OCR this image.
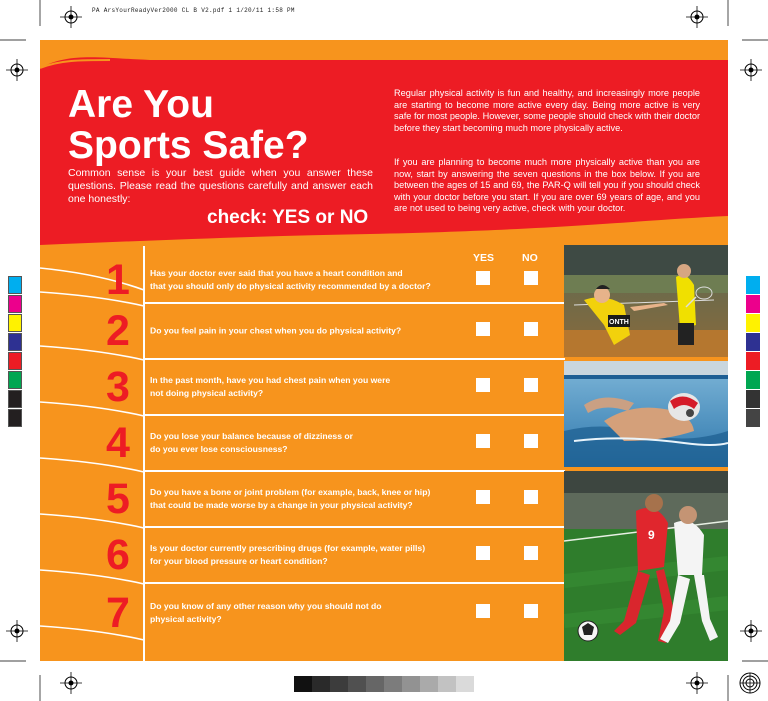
PA ArsYourReadyVer2000 CL B V2.pdf 1 1/20/11 1:58 PM
Are You
Sports Safe?
Common sense is your best guide when you answer these questions. Please read the questions carefully and answer each one honestly:
check: YES or NO
Regular physical activity is fun and healthy, and increasingly more people are starting to become more active every day. Being more active is very safe for most people. However, some people should check with their doctor before they start becoming much more physically active.
If you are planning to become much more physically active than you are now, start by answering the seven questions in the box below. If you are between the ages of 15 and 69, the PAR-Q will tell you if you should check with your doctor before you start. If you are over 69 years of age, and you are not used to being very active, check with your doctor.
YES	NO
1	Has your doctor ever said that you have a heart condition and
that you should only do physical activity recommended by a doctor?
2	Do you feel pain in your chest when you do physical activity?
3	In the past month, have you had chest pain when you were
not doing physical activity?
4	Do you lose your balance because of dizziness or
do you ever lose consciousness?
5	Do you have a bone or joint problem (for example, back, knee or hip)
that could be made worse by a change in your physical activity?
6	Is your doctor currently prescribing drugs (for example, water pills)
for your blood pressure or heart condition?
7	Do you know of any other reason why you should not do
physical activity?
ONTH
9
